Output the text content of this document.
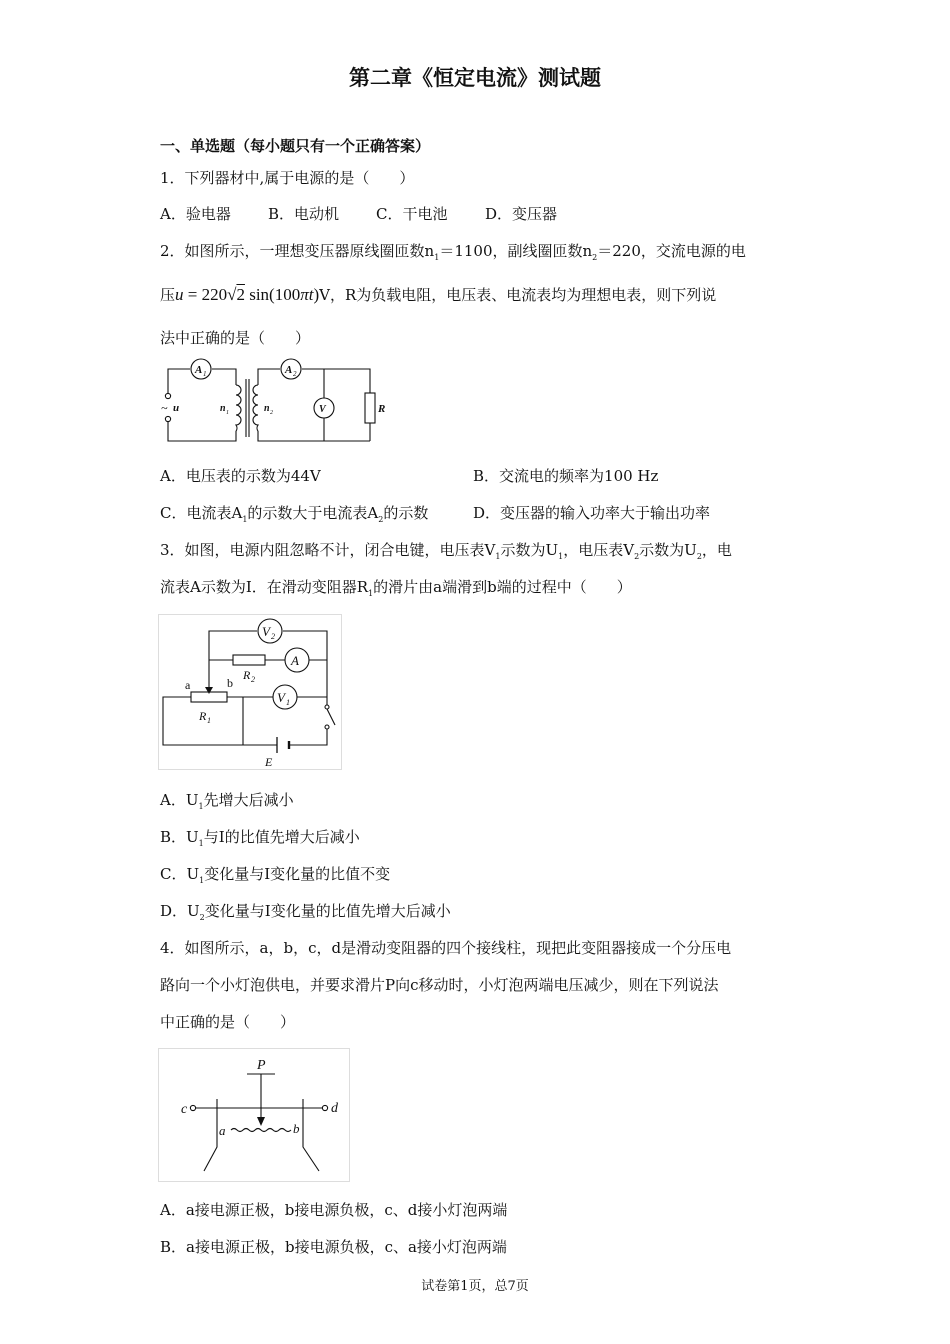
第二章《恒定电流》测试题
一、单选题（每小题只有一个正确答案）
1．下列器材中,属于电源的是（　　）
A．验电器 B．电动机 C．干电池	D．变压器
2．如图所示，一理想变压器原线圈匝数$n_1=1100$，副线圈匝数$n_2=220$，交流电源的电
压u = 220√2 sin(100πt)V，R为负载电阻，电压表、电流表均为理想电表，则下列说
法中正确的是（　　）
A 1	A 2
V	R
~ u	n 1	n 2
A．电压表的示数为44V	B．交流电的频率为100 Hz
C．电流表$A_1$的示数大于电流表$A_2$的示数	D．变压器的输入功率大于输出功率
3．如图，电源内阻忽略不计，闭合电键，电压表$V_1$示数为$U_1$，电压表$V_2$示数为$U_2$，电
流表A示数为I．在滑动变阻器$R_1$的滑片由a端滑到b端的过程中（　　）
V 2
R 2
A
a	b
R 1
V 1
E
A．$U_1$先增大后减小
B．$U_1$与I的比值先增大后减小
C．$U_1$变化量与I变化量的比值不变
D．$U_2$变化量与I变化量的比值先增大后减小
4．如图所示，a，b，c，d是滑动变阻器的四个接线柱，现把此变阻器接成一个分压电
路向一个小灯泡供电，并要求滑片P向c移动时，小灯泡两端电压减少，则在下列说法
中正确的是（　　）
P
c	d
a	b
A．a接电源正极，b接电源负极，c、d接小灯泡两端
B．a接电源正极，b接电源负极，c、a接小灯泡两端
试卷第1页，总7页
